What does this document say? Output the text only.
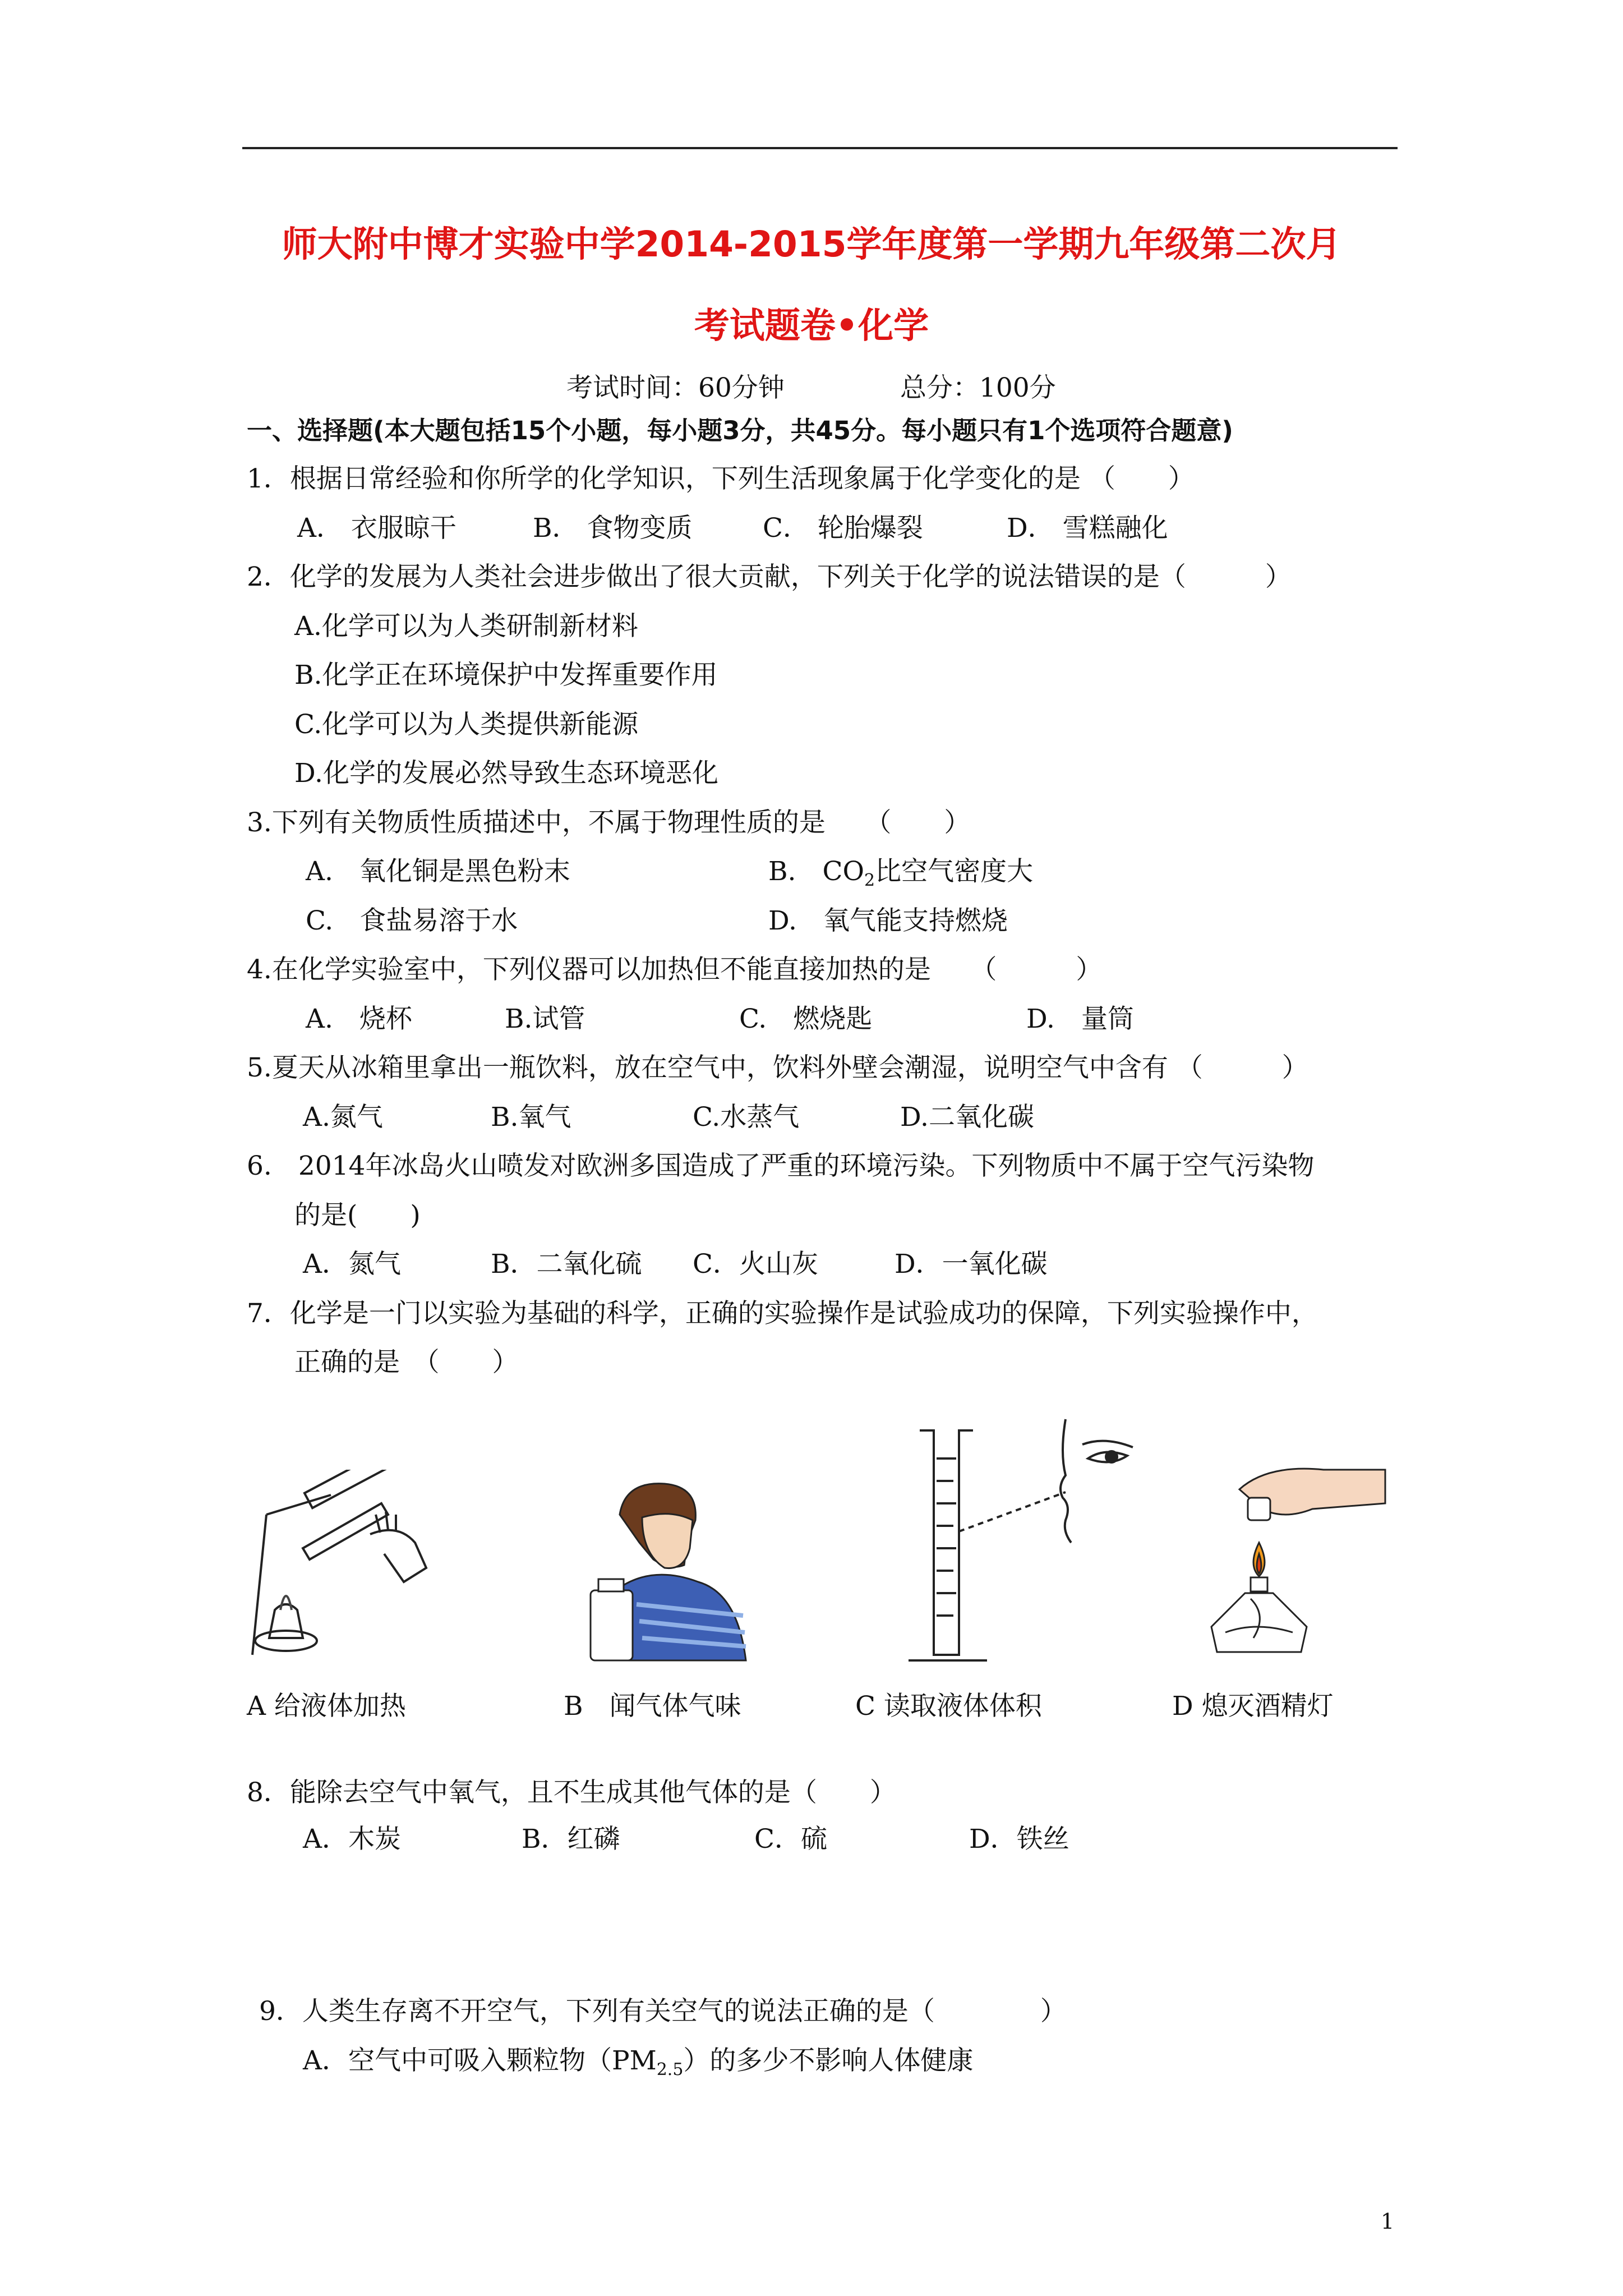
师大附中博才实验中学2014-2015学年度第一学期九年级第二次月
考试题卷•化学
考试时间：60分钟	总分：100分
一、选择题(本大题包括15个小题，每小题3分，共45分。每小题只有1个选项符合题意)
1．根据日常经验和你所学的化学知识，下列生活现象属于化学变化的是 （　　）
A． 衣服晾干	B． 食物变质	C． 轮胎爆裂	D． 雪糕融化
2．化学的发展为人类社会进步做出了很大贡献，下列关于化学的说法错误的是（　　　）
A.化学可以为人类研制新材料
B.化学正在环境保护中发挥重要作用
C.化学可以为人类提供新能源
D.化学的发展必然导致生态环境恶化
3.下列有关物质性质描述中，不属于物理性质的是　　（　　）
A.　氧化铜是黑色粉末	B.　$CO_2$比空气密度大
C.　食盐易溶于水	D.　氧气能支持燃烧
4.在化学实验室中，下列仪器可以加热但不能直接加热的是　　（　　　）
A.　烧杯	B.试管	C.　燃烧匙	D.　量筒
5.夏天从冰箱里拿出一瓶饮料，放在空气中，饮料外壁会潮湿，说明空气中含有 （　　　）
A.氮气	B.氧气	C.水蒸气	D.二氧化碳
6.　2014年冰岛火山喷发对欧洲多国造成了严重的环境污染。下列物质中不属于空气污染物
的是(　　)
A．氮气	B．二氧化硫 C．火山灰	D．一氧化碳
7．化学是一门以实验为基础的科学，正确的实验操作是试验成功的保障，下列实验操作中，
正确的是　（　　）
A 给液体加热	B　闻气体气味	C 读取液体体积	D 熄灭酒精灯
8．能除去空气中氧气，且不生成其他气体的是（　　）
A．木炭	B．红磷	C．硫	D．铁丝
9．人类生存离不开空气，下列有关空气的说法正确的是（　　　　）
A．空气中可吸入颗粒物$(PM_{2.5})$的多少不影响人体健康
1
